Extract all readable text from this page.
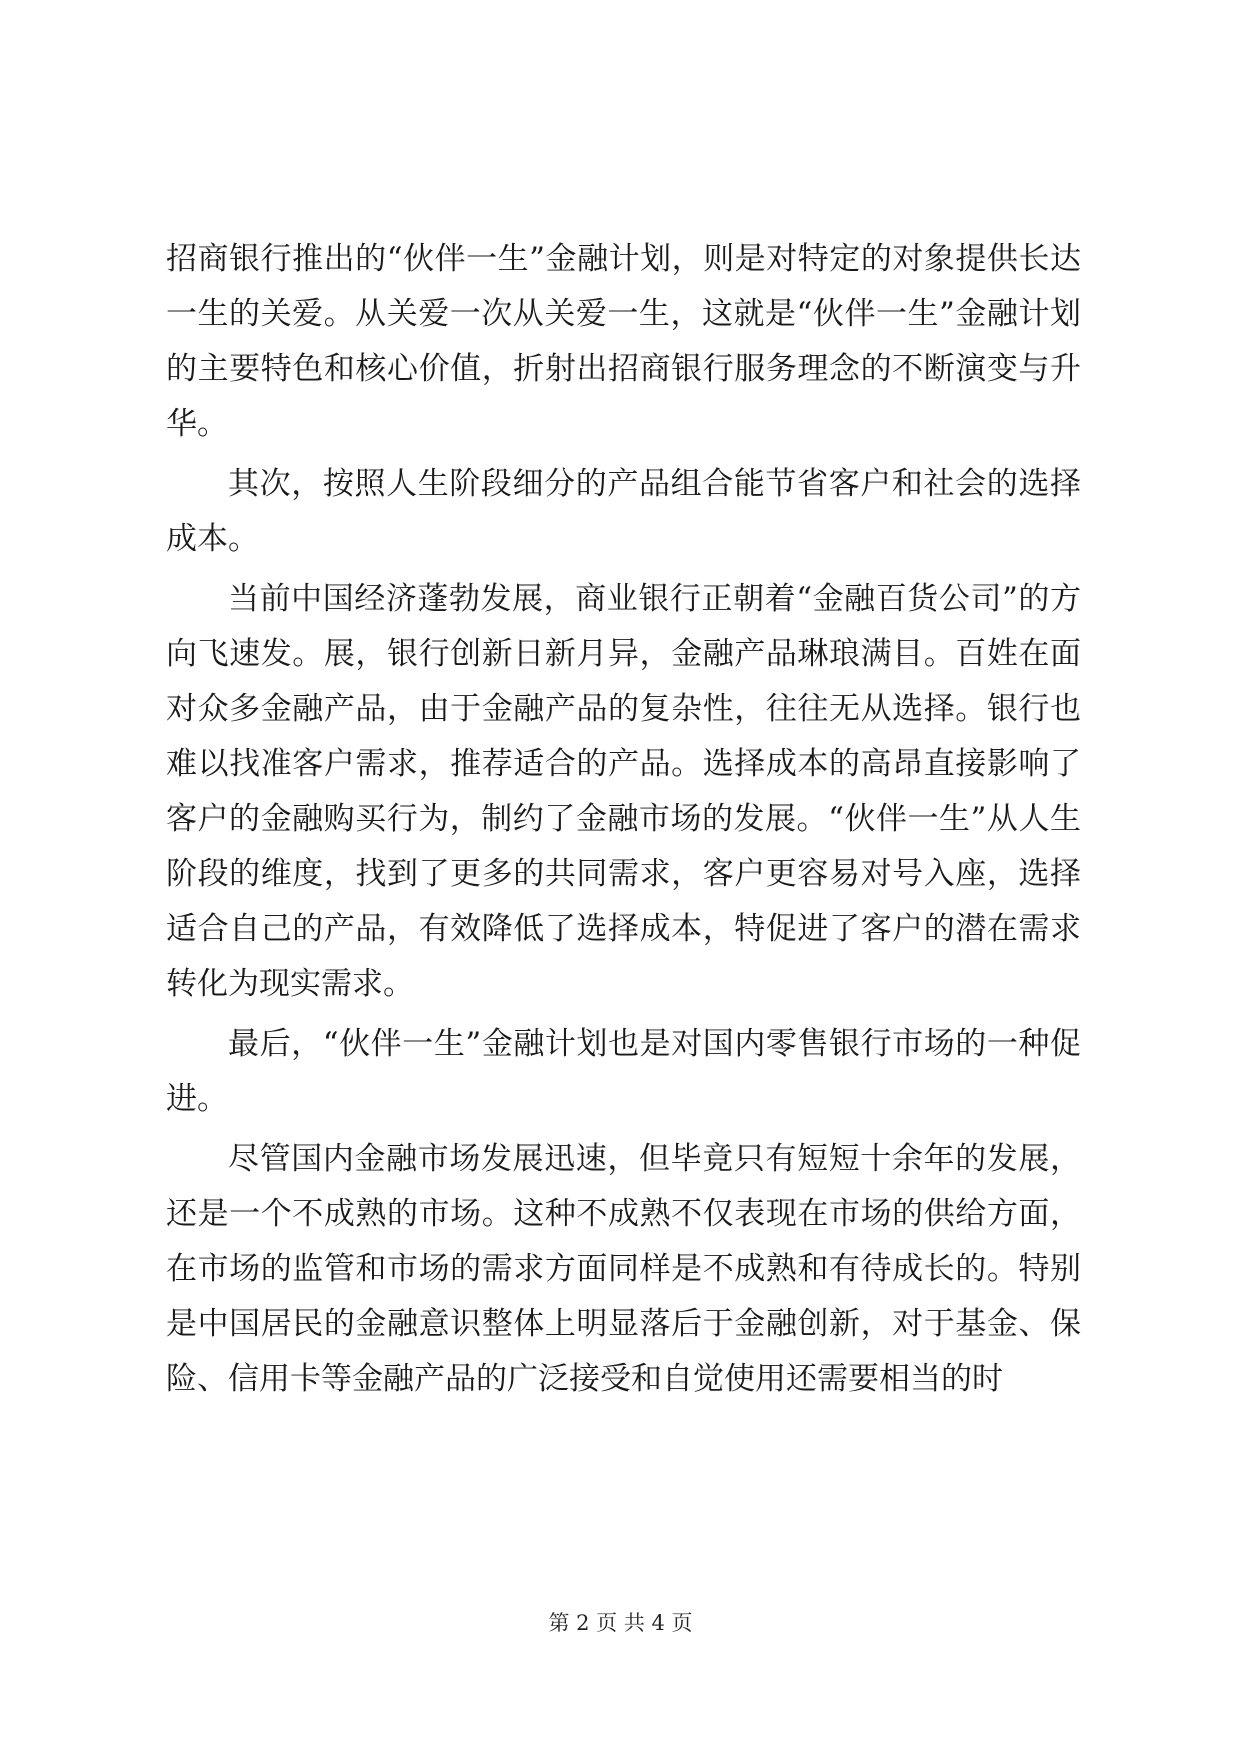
招商银行推出的“伙伴一生”金融计划，则是对特定的对象提供长达一生的关爱。从关爱一次从关爱一生，这就是“伙伴一生”金融计划的主要特色和核心价值，折射出招商银行服务理念的不断演变与升华。

其次，按照人生阶段细分的产品组合能节省客户和社会的选择成本。

当前中国经济蓬勃发展，商业银行正朝着“金融百货公司”的方向飞速发。展，银行创新日新月异，金融产品琳琅满目。百姓在面对众多金融产品，由于金融产品的复杂性，往往无从选择。银行也难以找准客户需求，推荐适合的产品。选择成本的高昂直接影响了客户的金融购买行为，制约了金融市场的发展。“伙伴一生”从人生阶段的维度，找到了更多的共同需求，客户更容易对号入座，选择适合自己的产品，有效降低了选择成本，特促进了客户的潜在需求转化为现实需求。

最后，“伙伴一生”金融计划也是对国内零售银行市场的一种促进。

尽管国内金融市场发展迅速，但毕竟只有短短十余年的发展，还是一个不成熟的市场。这种不成熟不仅表现在市场的供给方面，在市场的监管和市场的需求方面同样是不成熟和有待成长的。特别是中国居民的金融意识整体上明显落后于金融创新，对于基金、保险、信用卡等金融产品的广泛接受和自觉使用还需要相当的时

第 2 页 共 4 页
